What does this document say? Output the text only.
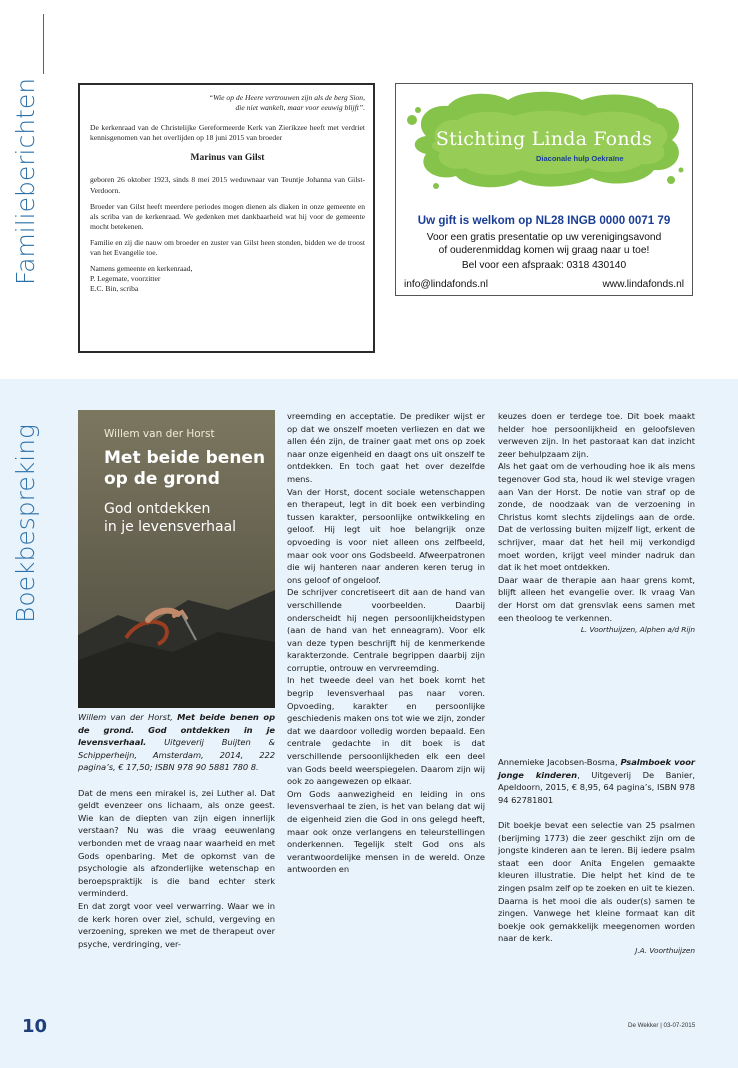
Familieberichten
Boekbespreking
“Wie op de Heere vertrouwen zijn als de berg Sion,
die niet wankelt, maar voor eeuwig blijft”.

De kerkenraad van de Christelijke Gereformeerde Kerk van Zierikzee heeft met verdriet kennisgenomen van het overlijden op 18 juni 2015 van broeder

Marinus van Gilst

geboren 26 oktober 1923, sinds 8 mei 2015 weduwnaar van Teuntje Johanna van Gilst-Verdoorn.

Broeder van Gilst heeft meerdere periodes mogen dienen als diaken in onze gemeente en als scriba van de kerkenraad. We gedenken met dankbaarheid wat hij voor de gemeente mocht betekenen.

Familie en zij die nauw om broeder en zuster van Gilst heen stonden, bidden we de troost van het Evangelie toe.

Namens gemeente en kerkenraad,
P. Legemate, voorzitter
E.C. Bin, scriba
Stichting Linda Fonds
Diaconale hulp Oekraïne
Uw gift is welkom op NL28 INGB 0000 0071 79
Voor een gratis presentatie op uw verenigingsavond
of ouderenmiddag komen wij graag naar u toe!
Bel voor een afspraak: 0318 430140
info@lindafonds.nl	www.lindafonds.nl
Willem van der Horst
Met beide benen
op de grond
God ontdekken
in je levensverhaal

Willem van der Horst, Met beide benen op de grond. God ontdekken in je levensverhaal. Uitgeverij Buijten & Schipperheijn, Amsterdam, 2014, 222 pagina’s, € 17,50; ISBN 978 90 5881 780 8.

Dat de mens een mirakel is, zei Luther al. Dat geldt evenzeer ons lichaam, als onze geest. Wie kan de diepten van zijn eigen innerlijk verstaan? Nu was die vraag eeuwenlang verbonden met de vraag naar waarheid en met Gods openbaring. Met de opkomst van de psychologie als afzonderlijke wetenschap en beroepspraktijk is die band echter sterk verminderd.

En dat zorgt voor veel verwarring. Waar we in de kerk horen over ziel, schuld, vergeving en verzoening, spreken we met de therapeut over psyche, verdringing, ver-

vreemding en acceptatie. De prediker wijst er op dat we onszelf moeten verliezen en dat we allen één zijn, de trainer gaat met ons op zoek naar onze eigenheid en daagt ons uit onszelf te ontdekken. En toch gaat het over dezelfde mens.

Van der Horst, docent sociale wetenschappen en therapeut, legt in dit boek een verbinding tussen karakter, persoonlijke ontwikkeling en geloof. Hij legt uit hoe belangrijk onze opvoeding is voor niet alleen ons zelfbeeld, maar ook voor ons Godsbeeld. Afweerpatronen die wij hanteren naar anderen keren terug in ons geloof of ongeloof.

De schrijver concretiseert dit aan de hand van verschillende voorbeelden. Daarbij onderscheidt hij negen persoonlijkheidstypen (aan de hand van het enneagram). Voor elk van deze typen beschrijft hij de kenmerkende karakterzonde. Centrale begrippen daarbij zijn corruptie, ontrouw en vervreemding.

In het tweede deel van het boek komt het begrip levensverhaal pas naar voren. Opvoeding, karakter en persoonlijke geschiedenis maken ons tot wie we zijn, zonder dat we daardoor volledig worden bepaald. Een centrale gedachte in dit boek is dat verschillende persoonlijkheden elk een deel van Gods beeld weerspiegelen. Daarom zijn wij ook zo aangewezen op elkaar.

Om Gods aanwezigheid en leiding in ons levensverhaal te zien, is het van belang dat wij de eigenheid zien die God in ons gelegd heeft, maar ook onze verlangens en teleurstellingen onderkennen. Tegelijk stelt God ons als verantwoordelijke mensen in de wereld. Onze antwoorden en

keuzes doen er terdege toe. Dit boek maakt helder hoe persoonlijkheid en geloofsleven verweven zijn. In het pastoraat kan dat inzicht zeer behulpzaam zijn.

Als het gaat om de verhouding hoe ik als mens tegenover God sta, houd ik wel stevige vragen aan Van der Horst. De notie van straf op de zonde, de noodzaak van de verzoening in Christus komt slechts zijdelings aan de orde. Dat de verlossing buiten mijzelf ligt, erkent de schrijver, maar dat het heil mij verkondigd moet worden, krijgt veel minder nadruk dan dat ik het moet ontdekken.

Daar waar de therapie aan haar grens komt, blijft alleen het evangelie over. Ik vraag Van der Horst om dat grensvlak eens samen met een theoloog te verkennen.

L. Voorthuijzen, Alphen a/d Rijn

Annemieke Jacobsen-Bosma, Psalmboek voor jonge kinderen, Uitgeverij De Banier, Apeldoorn, 2015, € 8,95, 64 pagina’s, ISBN 978 94 62781801

Dit boekje bevat een selectie van 25 psalmen (berijming 1773) die zeer geschikt zijn om de jongste kinderen aan te leren. Bij iedere psalm staat een door Anita Engelen gemaakte kleuren illustratie. Die helpt het kind de te zingen psalm zelf op te zoeken en uit te kiezen. Daarna is het mooi die als ouder(s) samen te zingen. Vanwege het kleine formaat kan dit boekje ook gemakkelijk meegenomen worden naar de kerk.

J.A. Voorthuijzen

10	De Wekker | 03-07-2015
